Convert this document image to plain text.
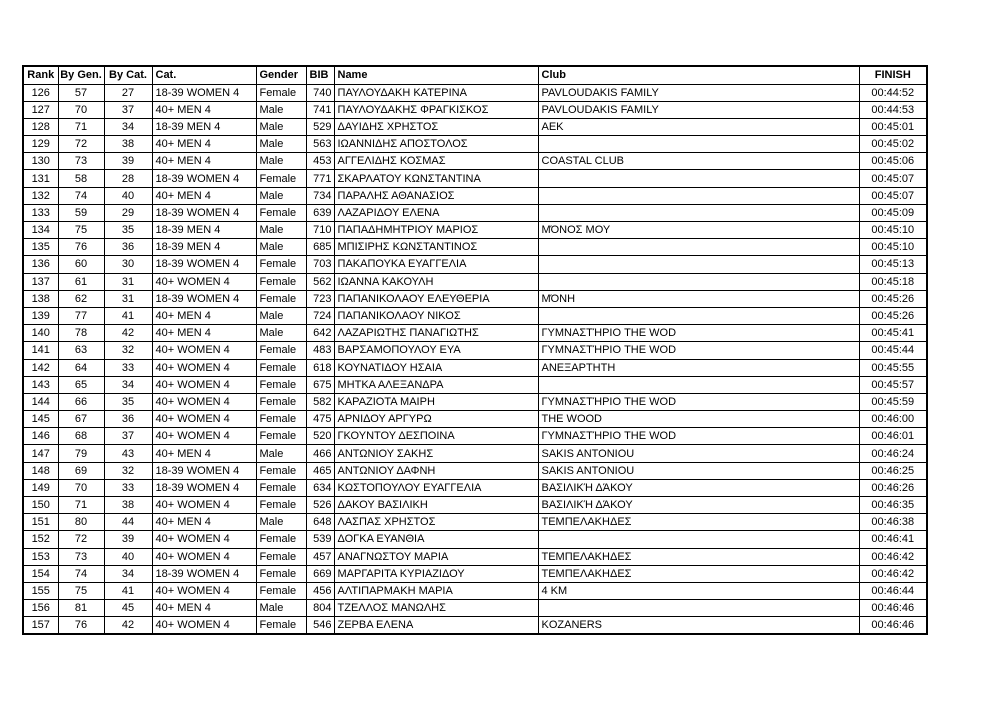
Rank	By Gen.	By Cat.	Cat.	Gender	BIB	Name	Club	FINISH
126	57	27	18-39 WOMEN 4	Female	740	ΠΑΥΛΟΥΔΑΚΗ ΚΑΤΕΡΙΝΑ	PAVLOUDAKIS FAMILY	00:44:52
127	70	37	40+ MEN 4	Male	741	ΠΑΥΛΟΥΔΑΚΗΣ ΦΡΑΓΚΙΣΚΟΣ	PAVLOUDAKIS FAMILY	00:44:53
128	71	34	18-39 MEN 4	Male	529	ΔΑΥΙΔΗΣ ΧΡΗΣΤΟΣ	ΑΕΚ	00:45:01
129	72	38	40+ MEN 4	Male	563	ΙΩΑΝΝΙΔΗΣ ΑΠΟΣΤΟΛΟΣ		00:45:02
130	73	39	40+ MEN 4	Male	453	ΑΓΓΕΛΙΔΗΣ ΚΟΣΜΑΣ	COASTAL CLUB	00:45:06
131	58	28	18-39 WOMEN 4	Female	771	ΣΚΑΡΛΑΤΟΥ ΚΩΝΣΤΑΝΤΙΝΑ		00:45:07
132	74	40	40+ MEN 4	Male	734	ΠΑΡΑΛΗΣ ΑΘΑΝΑΣΙΟΣ		00:45:07
133	59	29	18-39 WOMEN 4	Female	639	ΛΑΖΑΡΙΔΟΥ ΕΛΕΝΑ		00:45:09
134	75	35	18-39 MEN 4	Male	710	ΠΑΠΑΔΗΜΗΤΡΙΟΥ ΜΑΡΙΟΣ	ΜΌΝΟΣ ΜΟΥ	00:45:10
135	76	36	18-39 MEN 4	Male	685	ΜΠΙΣΙΡΗΣ ΚΩΝΣΤΑΝΤΙΝΟΣ		00:45:10
136	60	30	18-39 WOMEN 4	Female	703	ΠΑΚΑΠΟΥΚΑ ΕΥΑΓΓΕΛΙΑ		00:45:13
137	61	31	40+ WOMEN 4	Female	562	ΙΩΑΝΝΑ ΚΑΚΟΥΛΗ		00:45:18
138	62	31	18-39 WOMEN 4	Female	723	ΠΑΠΑΝΙΚΟΛΑΟΥ ΕΛΕΥΘΕΡΙΑ	ΜΌΝΗ	00:45:26
139	77	41	40+ MEN 4	Male	724	ΠΑΠΑΝΙΚΟΛΑΟΥ ΝΙΚΟΣ		00:45:26
140	78	42	40+ MEN 4	Male	642	ΛΑΖΑΡΙΩΤΗΣ ΠΑΝΑΓΙΩΤΗΣ	ΓΥΜΝΑΣΤΉΡΙΟ THE WOD	00:45:41
141	63	32	40+ WOMEN 4	Female	483	ΒΑΡΣΑΜΟΠΟΥΛΟΥ ΕΥΑ	ΓΥΜΝΑΣΤΉΡΙΟ THE WOD	00:45:44
142	64	33	40+ WOMEN 4	Female	618	ΚΟΥΝΑΤΙΔΟΥ ΗΣΑΙΑ	ΑΝΕΞΑΡΤΗΤΗ	00:45:55
143	65	34	40+ WOMEN 4	Female	675	ΜΗΤΚΑ ΑΛΕΞΑΝΔΡΑ		00:45:57
144	66	35	40+ WOMEN 4	Female	582	ΚΑΡΑΖΙΟΤΑ ΜΑΙΡΗ	ΓΥΜΝΑΣΤΉΡΙΟ THE WOD	00:45:59
145	67	36	40+ WOMEN 4	Female	475	ΑΡΝΙΔΟΥ ΑΡΓΥΡΩ	THE WOOD	00:46:00
146	68	37	40+ WOMEN 4	Female	520	ΓΚΟΥΝΤΟΥ ΔΕΣΠΟΙΝΑ	ΓΥΜΝΑΣΤΉΡΙΟ THE WOD	00:46:01
147	79	43	40+ MEN 4	Male	466	ΑΝΤΩΝΙΟΥ ΣΑΚΗΣ	SAKIS ANTONIOU	00:46:24
148	69	32	18-39 WOMEN 4	Female	465	ΑΝΤΩΝΙΟΥ ΔΑΦΝΗ	SAKIS ANTONIOU	00:46:25
149	70	33	18-39 WOMEN 4	Female	634	ΚΩΣΤΟΠΟΥΛΟΥ ΕΥΑΓΓΕΛΙΑ	ΒΑΣΙΛΙΚΉ ΔΆΚΟΥ	00:46:26
150	71	38	40+ WOMEN 4	Female	526	ΔΑΚΟΥ ΒΑΣΙΛΙΚΗ	ΒΑΣΙΛΙΚΉ ΔΆΚΟΥ	00:46:35
151	80	44	40+ MEN 4	Male	648	ΛΑΣΠΑΣ ΧΡΗΣΤΟΣ	ΤΕΜΠΕΛΑΚΗΔΕΣ	00:46:38
152	72	39	40+ WOMEN 4	Female	539	ΔΟΓΚΑ ΕΥΑΝΘΙΑ		00:46:41
153	73	40	40+ WOMEN 4	Female	457	ΑΝΑΓΝΩΣΤΟΥ ΜΑΡΙΑ	ΤΕΜΠΕΛΑΚΗΔΕΣ	00:46:42
154	74	34	18-39 WOMEN 4	Female	669	ΜΑΡΓΑΡΙΤΑ ΚΥΡΙΑΖΙΔΟΥ	ΤΕΜΠΕΛΑΚΗΔΕΣ	00:46:42
155	75	41	40+ WOMEN 4	Female	456	ΑΛΤΙΠΑΡΜΑΚΗ ΜΑΡΙΑ	4 KM	00:46:44
156	81	45	40+ MEN 4	Male	804	ΤΖΕΛΛΟΣ ΜΑΝΩΛΗΣ		00:46:46
157	76	42	40+ WOMEN 4	Female	546	ΖΕΡΒΑ ΕΛΕΝΑ	KOZANERS	00:46:46
